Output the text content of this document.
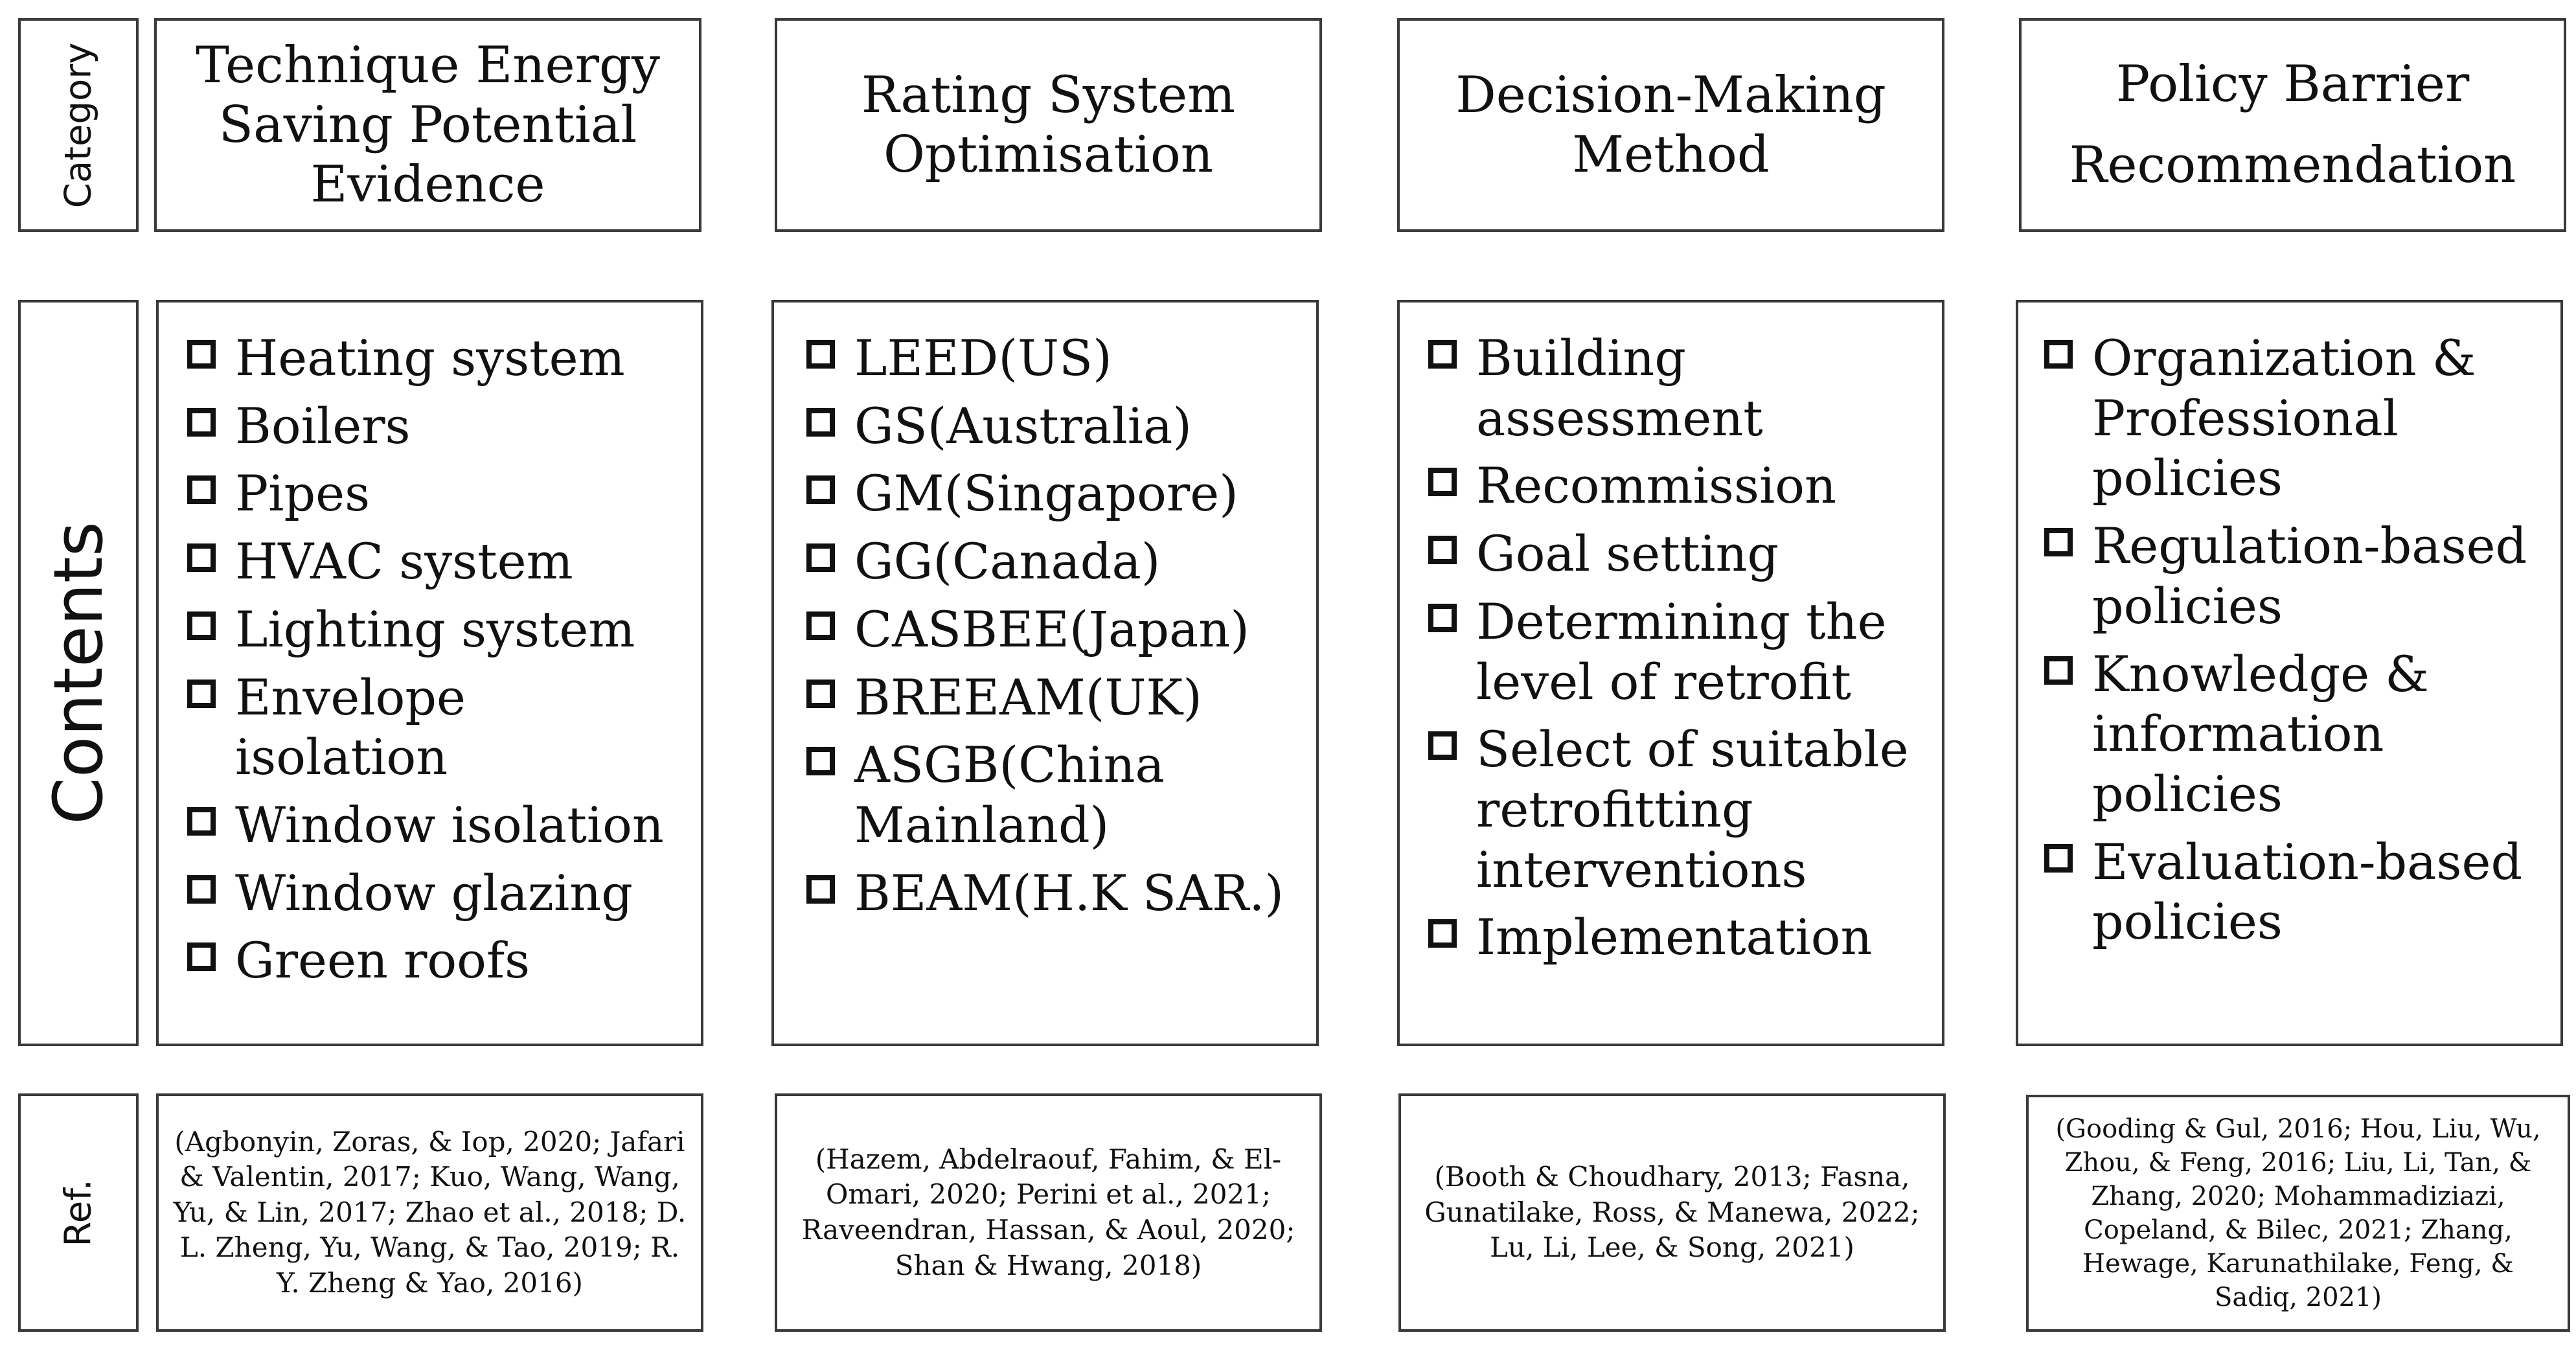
Category
Contents
Ref.
Technique Energy Saving Potential Evidence
Heating system
Boilers
Pipes
HVAC system
Lighting system
Envelope isolation
Window isolation
Window glazing
Green roofs
(Agbonyin, Zoras, & Iop, 2020; Jafari & Valentin, 2017; Kuo, Wang, Wang, Yu, & Lin, 2017; Zhao et al., 2018; D. L. Zheng, Yu, Wang, & Tao, 2019; R. Y. Zheng & Yao, 2016)
Rating System Optimisation
LEED(US)
GS(Australia)
GM(Singapore)
GG(Canada)
CASBEE(Japan)
BREEAM(UK)
ASGB(China Mainland)
BEAM(H.K SAR.)
(Hazem, Abdelraouf, Fahim, & El-Omari, 2020; Perini et al., 2021; Raveendran, Hassan, & Aoul, 2020; Shan & Hwang, 2018)
Decision-Making Method
Building assessment
Recommission
Goal setting
Determining the level of retrofit
Select of suitable retrofitting interventions
Implementation
(Booth & Choudhary, 2013; Fasna, Gunatilake, Ross, & Manewa, 2022; Lu, Li, Lee, & Song, 2021)
Policy Barrier Recommendation
Organization & Professional policies
Regulation-based policies
Knowledge & information policies
Evaluation-based policies
(Gooding & Gul, 2016; Hou, Liu, Wu, Zhou, & Feng, 2016; Liu, Li, Tan, & Zhang, 2020; Mohammadiziazi, Copeland, & Bilec, 2021; Zhang, Hewage, Karunathilake, Feng, & Sadiq, 2021)
